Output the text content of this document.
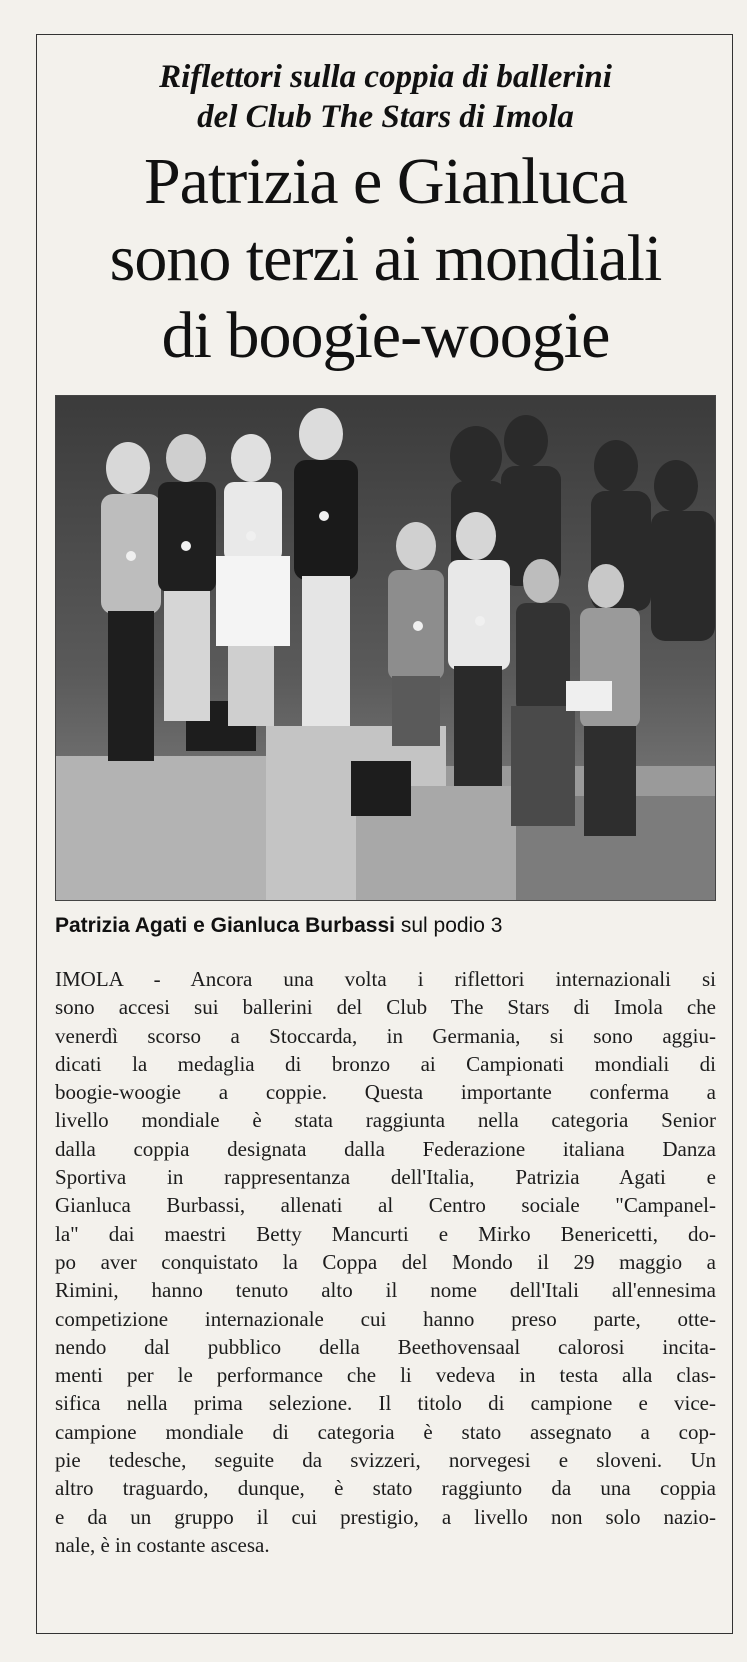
Riflettori sulla coppia di ballerini
del Club The Stars di Imola
Patrizia e Gianluca
sono terzi ai mondiali
di boogie-woogie
Patrizia Agati e Gianluca Burbassi sul podio 3
IMOLA - Ancora una volta i riflettori internazionali si
sono accesi sui ballerini del Club The Stars di Imola che
venerdì scorso a Stoccarda, in Germania, si sono aggiu-
dicati la medaglia di bronzo ai Campionati mondiali di
boogie-woogie a coppie. Questa importante conferma a
livello mondiale è stata raggiunta nella categoria Senior
dalla coppia designata dalla Federazione italiana Danza
Sportiva in rappresentanza dell'Italia, Patrizia Agati e
Gianluca Burbassi, allenati al Centro sociale "Campanel-
la" dai maestri Betty Mancurti e Mirko Benericetti, do-
po aver conquistato la Coppa del Mondo il 29 maggio a
Rimini, hanno tenuto alto il nome dell'Itali all'ennesima
competizione internazionale cui hanno preso parte, otte-
nendo dal pubblico della Beethovensaal calorosi incita-
menti per le performance che li vedeva in testa alla clas-
sifica nella prima selezione. Il titolo di campione e vice-
campione mondiale di categoria è stato assegnato a cop-
pie tedesche, seguite da svizzeri, norvegesi e sloveni. Un
altro traguardo, dunque, è stato raggiunto da una coppia
e da un gruppo il cui prestigio, a livello non solo nazio-
nale, è in costante ascesa.
